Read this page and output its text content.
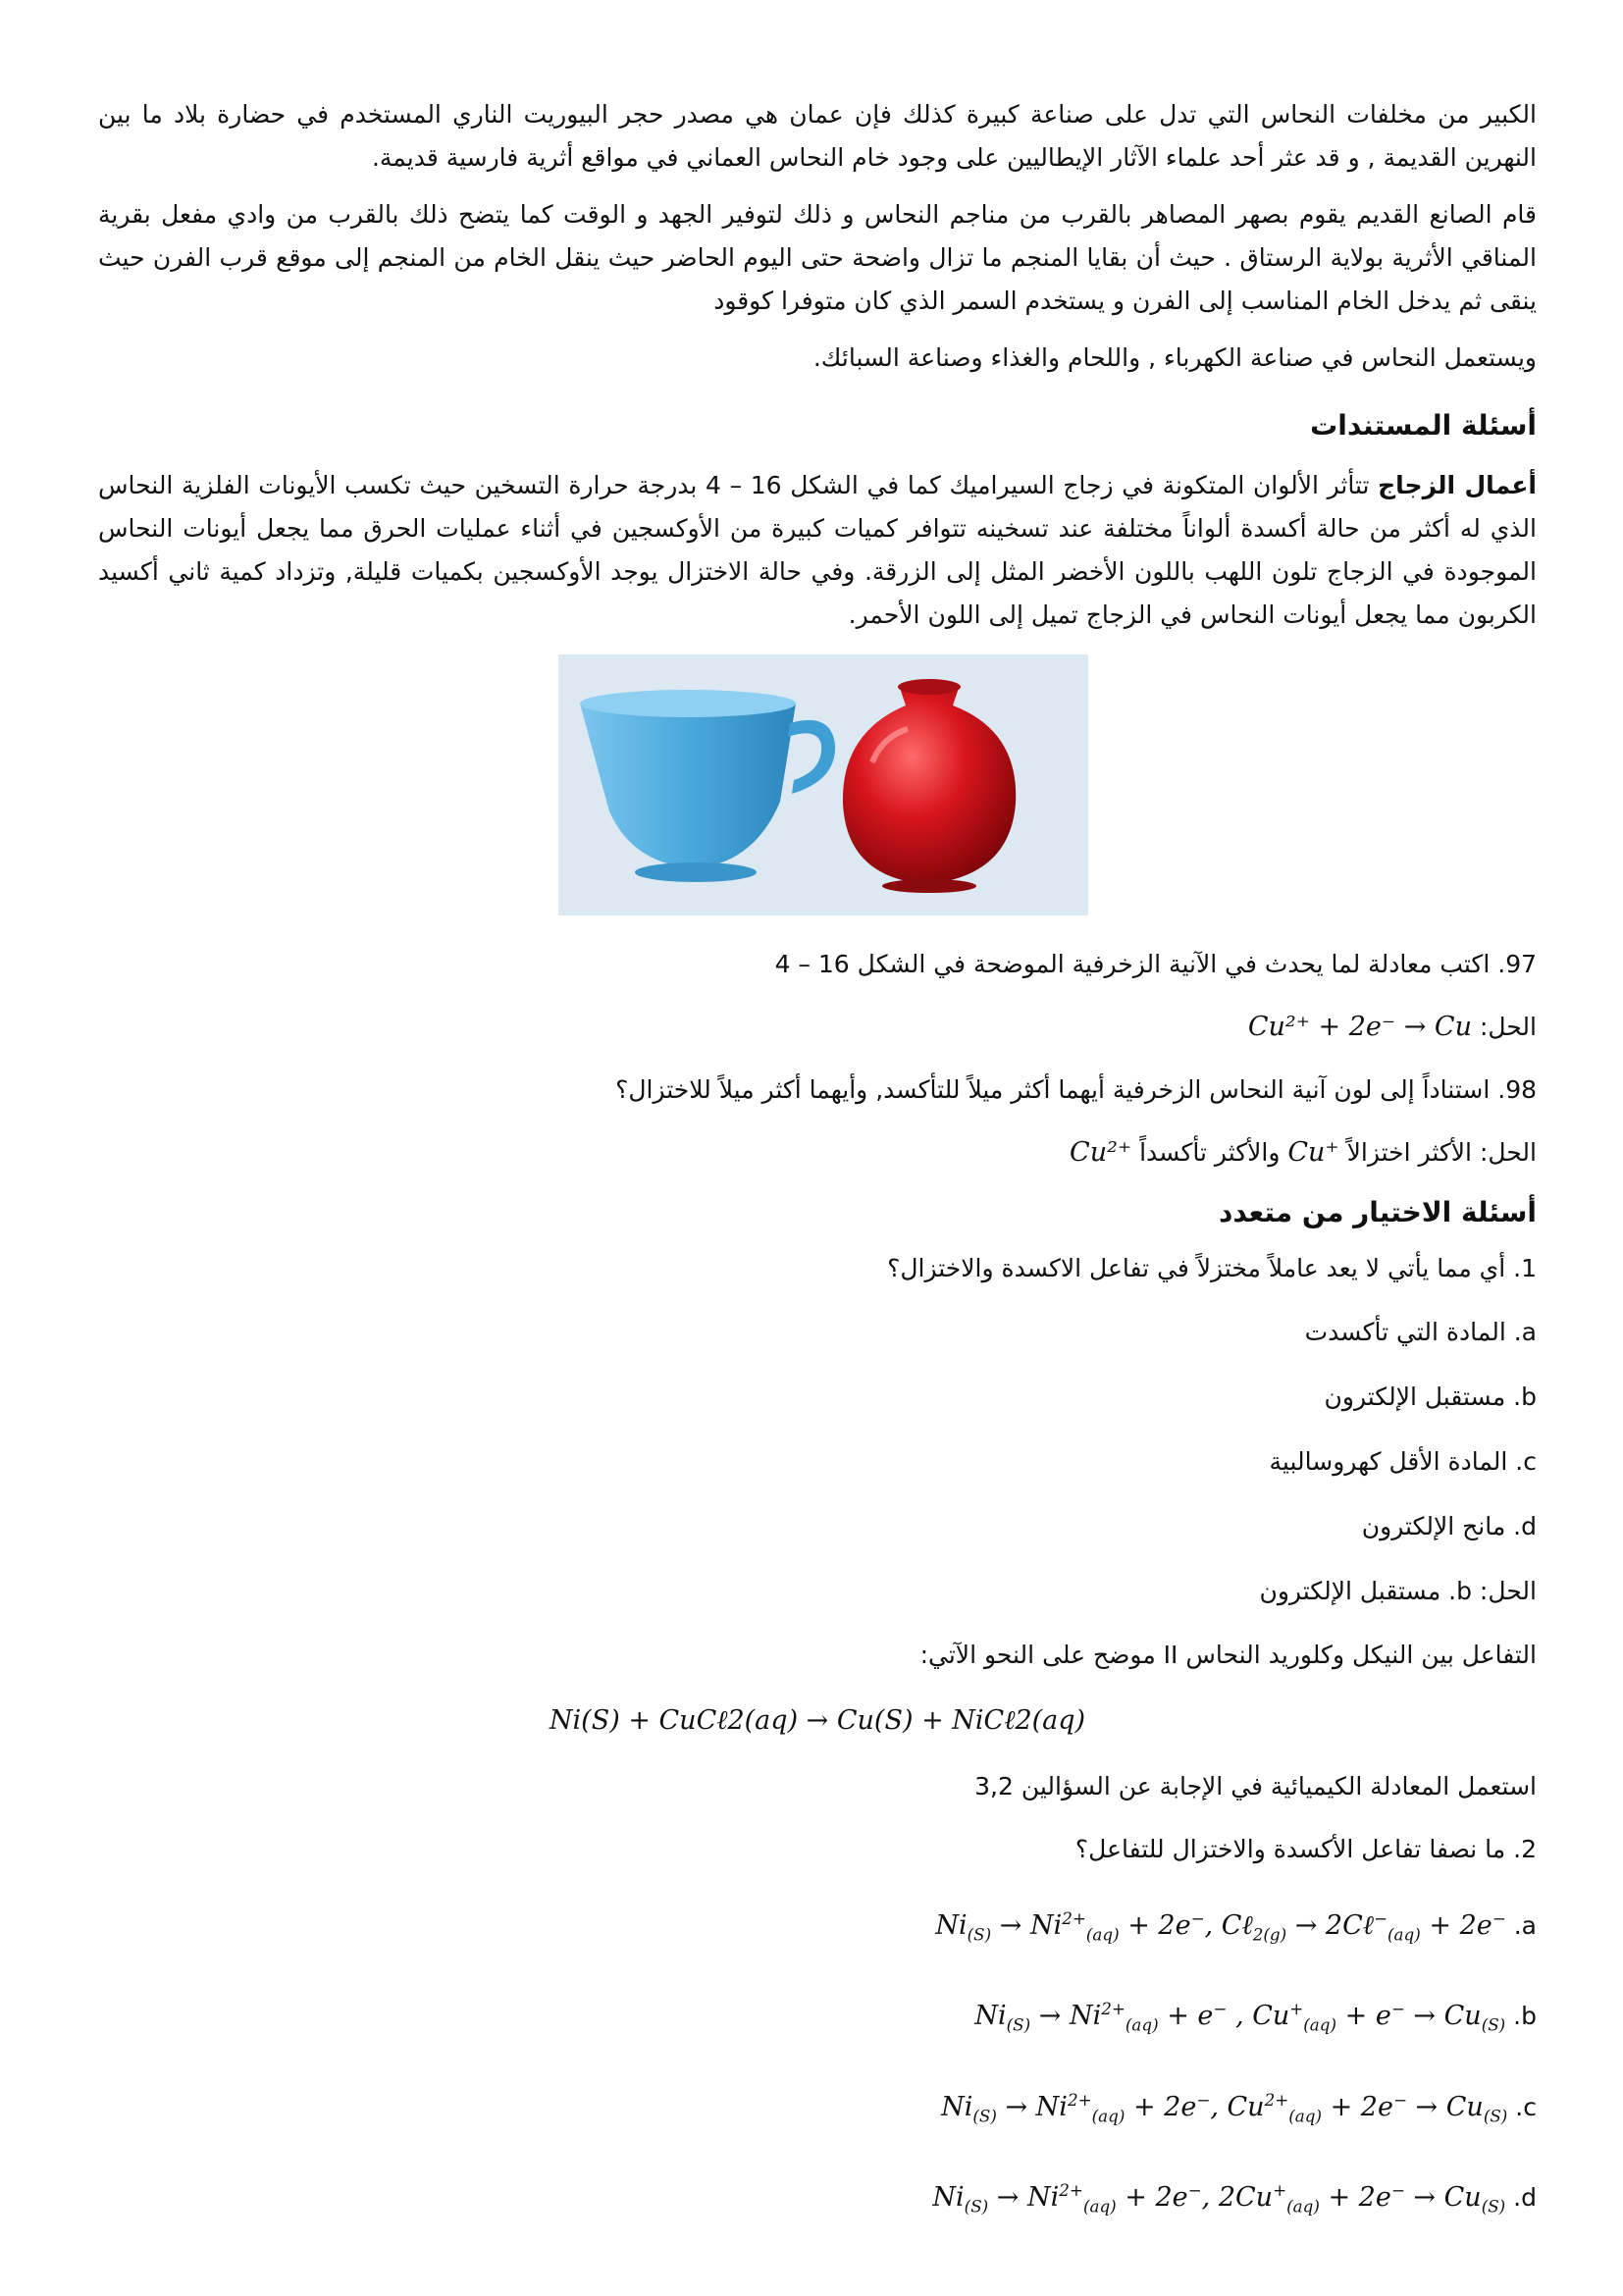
الكبير من مخلفات النحاس التي تدل على صناعة كبيرة كذلك فإن عمان هي مصدر حجر البيوريت الناري المستخدم في حضارة بلاد ما بين النهرين القديمة , و قد عثر أحد علماء الآثار الإيطاليين على وجود خام النحاس العماني في مواقع أثرية فارسية قديمة.

قام الصانع القديم يقوم بصهر المصاهر بالقرب من مناجم النحاس و ذلك لتوفير الجهد و الوقت كما يتضح ذلك بالقرب من وادي مفعل بقرية المناقي الأثرية بولاية الرستاق . حيث أن بقايا المنجم ما تزال واضحة حتى اليوم الحاضر حيث ينقل الخام من المنجم إلى موقع قرب الفرن حيث ينقى ثم يدخل الخام المناسب إلى الفرن و يستخدم السمر الذي كان متوفرا كوقود

ويستعمل النحاس في صناعة الكهرباء , واللحام والغذاء وصناعة السبائك.

أسئلة المستندات

أعمال الزجاج تتأثر الألوان المتكونة في زجاج السيراميك كما في الشكل 16 – 4 بدرجة حرارة التسخين حيث تكسب الأيونات الفلزية النحاس الذي له أكثر من حالة أكسدة ألواناً مختلفة عند تسخينه تتوافر كميات كبيرة من الأوكسجين في أثناء عمليات الحرق مما يجعل أيونات النحاس الموجودة في الزجاج تلون اللهب باللون الأخضر المثل إلى الزرقة. وفي حالة الاختزال يوجد الأوكسجين بكميات قليلة, وتزداد كمية ثاني أكسيد الكربون مما يجعل أيونات النحاس في الزجاج تميل إلى اللون الأحمر.

97. اكتب معادلة لما يحدث في الآنية الزخرفية الموضحة في الشكل 16 – 4

الحل: Cu²⁺ + 2e⁻ → Cu

98. استناداً إلى لون آنية النحاس الزخرفية أيهما أكثر ميلاً للتأكسد, وأيهما أكثر ميلاً للاختزال؟

الحل: الأكثر اختزالاً Cu⁺ والأكثر تأكسداً Cu²⁺

أسئلة الاختيار من متعدد

1. أي مما يأتي لا يعد عاملاً مختزلاً في تفاعل الاكسدة والاختزال؟

a. المادة التي تأكسدت

b. مستقبل الإلكترون

c. المادة الأقل كهروسالبية

d. مانح الإلكترون

الحل: b. مستقبل الإلكترون

التفاعل بين النيكل وكلوريد النحاس II موضح على النحو الآتي:

Ni(S) + CuCℓ2(aq) → Cu(S) + NiCℓ2(aq)

استعمل المعادلة الكيميائية في الإجابة عن السؤالين 3,2

2. ما نصفا تفاعل الأكسدة والاختزال للتفاعل؟

a. $Ni_{(S)} \to Ni^{2+}_{(aq)} + 2e^-$, Cℓ$_{2(g)}$ → 2Cℓ−$_{(aq)}$ + 2e−

b. $Ni_{(S)} \to Ni^{2+}_{(aq)} + e^-$ , $Cu^+_{(aq)} + e^- \to Cu_{(S)}$

c. $Ni_{(S)} \to Ni^{2+}_{(aq)} + 2e^-$, $Cu^{2+}_{(aq)} + 2e^- \to Cu_{(S)}$

d. $Ni_{(S)} \to Ni^{2+}_{(aq)} + 2e^-$, $2Cu^+_{(aq)} + 2e^- \to Cu_{(S)}$
